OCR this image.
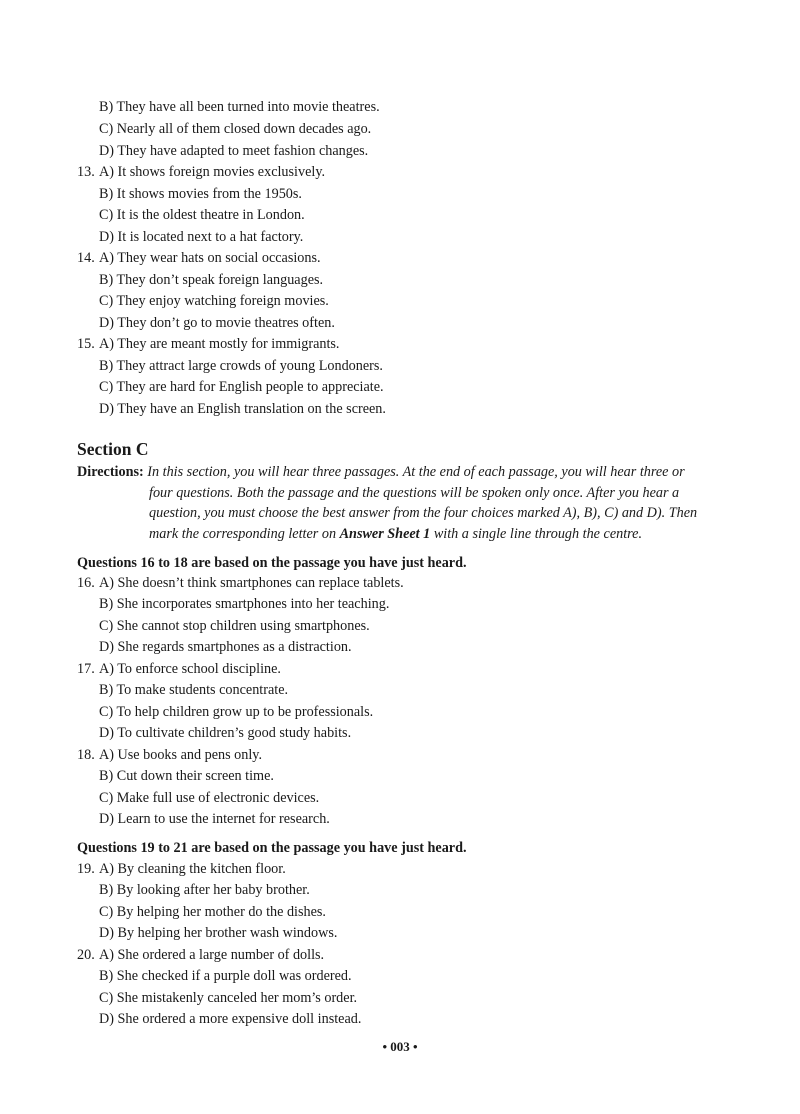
B) They have all been turned into movie theatres.
C) Nearly all of them closed down decades ago.
D) They have adapted to meet fashion changes.
13. A) It shows foreign movies exclusively.
B) It shows movies from the 1950s.
C) It is the oldest theatre in London.
D) It is located next to a hat factory.
14. A) They wear hats on social occasions.
B) They don’t speak foreign languages.
C) They enjoy watching foreign movies.
D) They don’t go to movie theatres often.
15. A) They are meant mostly for immigrants.
B) They attract large crowds of young Londoners.
C) They are hard for English people to appreciate.
D) They have an English translation on the screen.
Section C
Directions: In this section, you will hear three passages. At the end of each passage, you will hear three or
four questions. Both the passage and the questions will be spoken only once. After you hear a
question, you must choose the best answer from the four choices marked A), B), C) and D). Then
mark the corresponding letter on Answer Sheet 1 with a single line through the centre.
Questions 16 to 18 are based on the passage you have just heard.
16. A) She doesn’t think smartphones can replace tablets.
B) She incorporates smartphones into her teaching.
C) She cannot stop children using smartphones.
D) She regards smartphones as a distraction.
17. A) To enforce school discipline.
B) To make students concentrate.
C) To help children grow up to be professionals.
D) To cultivate children’s good study habits.
18. A) Use books and pens only.
B) Cut down their screen time.
C) Make full use of electronic devices.
D) Learn to use the internet for research.
Questions 19 to 21 are based on the passage you have just heard.
19. A) By cleaning the kitchen floor.
B) By looking after her baby brother.
C) By helping her mother do the dishes.
D) By helping her brother wash windows.
20. A) She ordered a large number of dolls.
B) She checked if a purple doll was ordered.
C) She mistakenly canceled her mom’s order.
D) She ordered a more expensive doll instead.
• 003 •
